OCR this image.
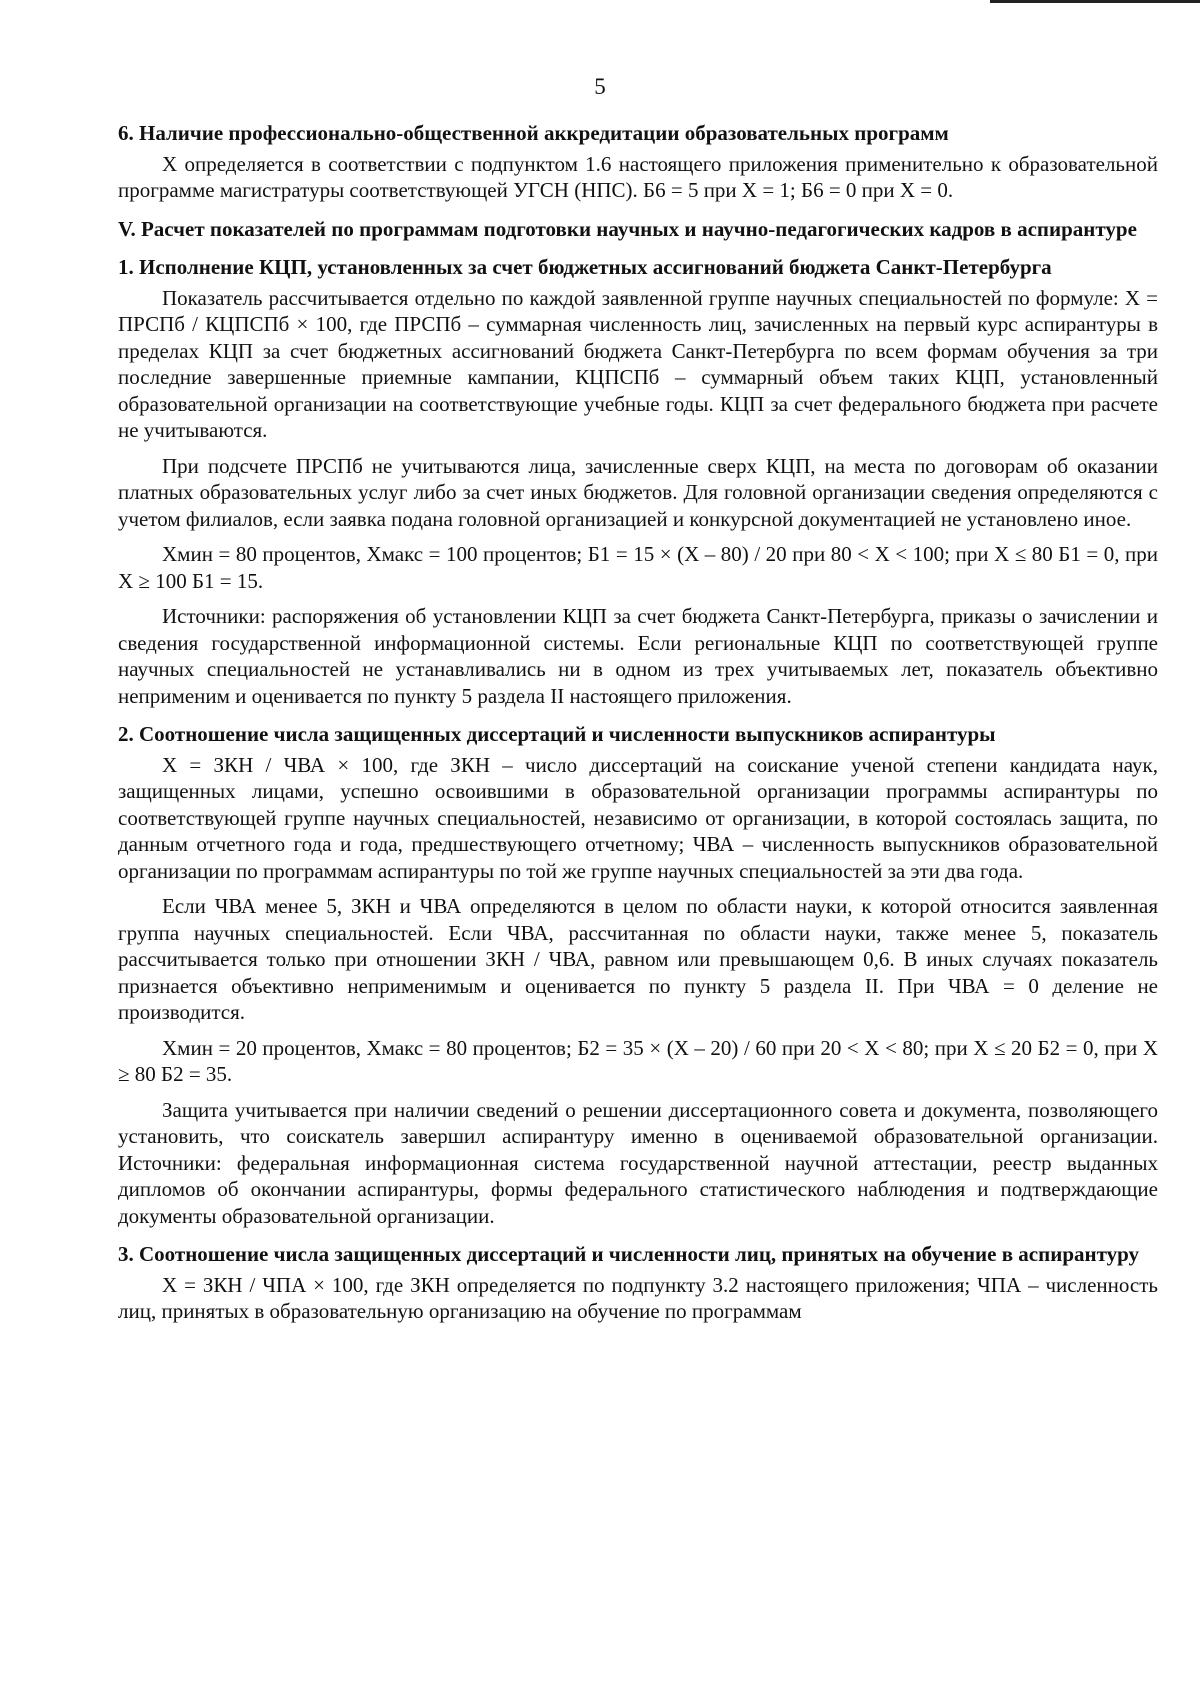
5
6. Наличие профессионально-общественной аккредитации образовательных программ
Х определяется в соответствии с подпунктом 1.6 настоящего приложения применительно к образовательной программе магистратуры соответствующей УГСН (НПС). Б6 = 5 при Х = 1; Б6 = 0 при Х = 0.
V. Расчет показателей по программам подготовки научных и научно-педагогических кадров в аспирантуре
1. Исполнение КЦП, установленных за счет бюджетных ассигнований бюджета Санкт-Петербурга
Показатель рассчитывается отдельно по каждой заявленной группе научных специальностей по формуле: Х = ПРСПб / КЦПСПб × 100, где ПРСПб – суммарная численность лиц, зачисленных на первый курс аспирантуры в пределах КЦП за счет бюджетных ассигнований бюджета Санкт-Петербурга по всем формам обучения за три последние завершенные приемные кампании, КЦПСПб – суммарный объем таких КЦП, установленный образовательной организации на соответствующие учебные годы. КЦП за счет федерального бюджета при расчете не учитываются.
При подсчете ПРСПб не учитываются лица, зачисленные сверх КЦП, на места по договорам об оказании платных образовательных услуг либо за счет иных бюджетов. Для головной организации сведения определяются с учетом филиалов, если заявка подана головной организацией и конкурсной документацией не установлено иное.
Хмин = 80 процентов, Хмакс = 100 процентов; Б1 = 15 × (Х – 80) / 20 при 80 < Х < 100; при Х ≤ 80 Б1 = 0, при Х ≥ 100 Б1 = 15.
Источники: распоряжения об установлении КЦП за счет бюджета Санкт-Петербурга, приказы о зачислении и сведения государственной информационной системы. Если региональные КЦП по соответствующей группе научных специальностей не устанавливались ни в одном из трех учитываемых лет, показатель объективно неприменим и оценивается по пункту 5 раздела II настоящего приложения.
2. Соотношение числа защищенных диссертаций и численности выпускников аспирантуры
Х = ЗКН / ЧВА × 100, где ЗКН – число диссертаций на соискание ученой степени кандидата наук, защищенных лицами, успешно освоившими в образовательной организации программы аспирантуры по соответствующей группе научных специальностей, независимо от организации, в которой состоялась защита, по данным отчетного года и года, предшествующего отчетному; ЧВА – численность выпускников образовательной организации по программам аспирантуры по той же группе научных специальностей за эти два года.
Если ЧВА менее 5, ЗКН и ЧВА определяются в целом по области науки, к которой относится заявленная группа научных специальностей. Если ЧВА, рассчитанная по области науки, также менее 5, показатель рассчитывается только при отношении ЗКН / ЧВА, равном или превышающем 0,6. В иных случаях показатель признается объективно неприменимым и оценивается по пункту 5 раздела II. При ЧВА = 0 деление не производится.
Хмин = 20 процентов, Хмакс = 80 процентов; Б2 = 35 × (Х – 20) / 60 при 20 < Х < 80; при Х ≤ 20 Б2 = 0, при Х ≥ 80 Б2 = 35.
Защита учитывается при наличии сведений о решении диссертационного совета и документа, позволяющего установить, что соискатель завершил аспирантуру именно в оцениваемой образовательной организации. Источники: федеральная информационная система государственной научной аттестации, реестр выданных дипломов об окончании аспирантуры, формы федерального статистического наблюдения и подтверждающие документы образовательной организации.
3. Соотношение числа защищенных диссертаций и численности лиц, принятых на обучение в аспирантуру
Х = ЗКН / ЧПА × 100, где ЗКН определяется по подпункту 3.2 настоящего приложения; ЧПА – численность лиц, принятых в образовательную организацию на обучение по программам
